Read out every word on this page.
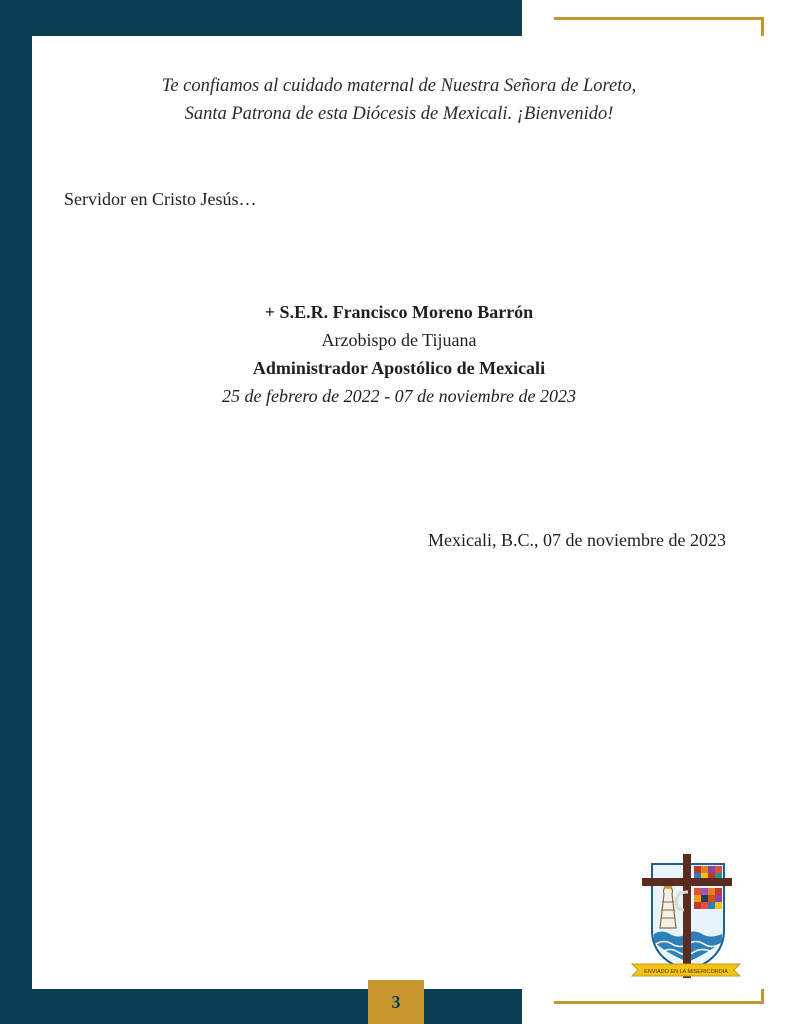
Te confiamos al cuidado maternal de Nuestra Señora de Loreto,
Santa Patrona de esta Diócesis de Mexicali. ¡Bienvenido!
Servidor en Cristo Jesús…
+ S.E.R. Francisco Moreno Barrón
Arzobispo de Tijuana
Administrador Apostólico de Mexicali
25 de febrero de 2022 - 07 de noviembre de 2023
Mexicali, B.C., 07 de noviembre de 2023
ENVIADO EN LA MISERICORDIA
3
